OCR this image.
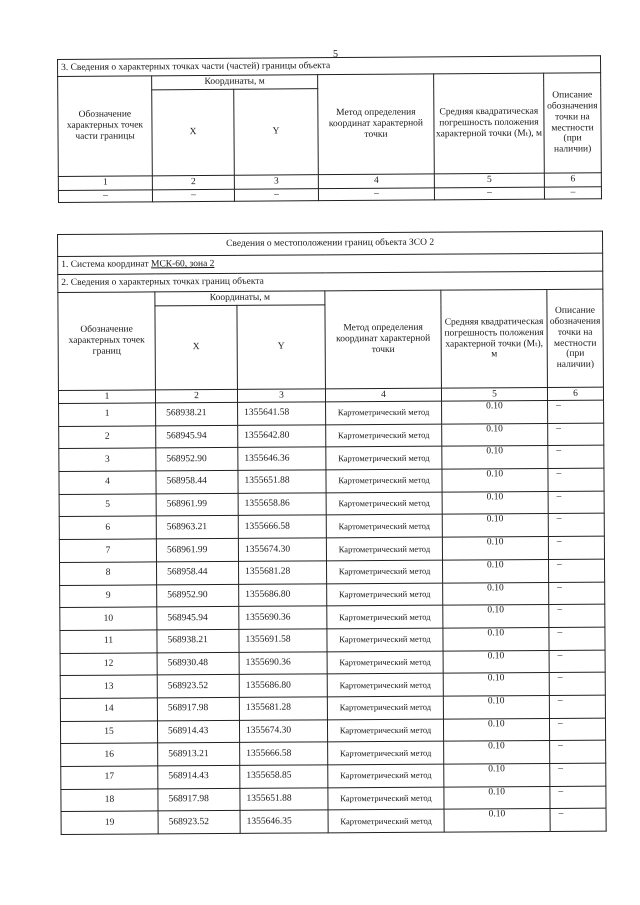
5
3. Сведения о характерных точках части (частей) границы объекта					
Обозначение характерных точек части границы	Координаты, м		Метод определения координат характерной точки	Средняя квадратическая погрешность положения характерной точки (Mₜ), м	Описание обозначения точки на местности (при наличии)
	X	Y			
1	2	3	4	5	6
–	–	–	–	–	–
Сведения о местоположении границ объекта ЗСО 2					
1. Система координат МСК-60, зона 2					
2. Сведения о характерных точках границ объекта					
Обозначение характерных точек границ	Координаты, м		Метод определения координат характерной точки	Средняя квадратическая погрешность положения характерной точки (Mₜ), м	Описание обозначения точки на местности (при наличии)
	X	Y			
1	2	3	4	5	6
1	568938.21	1355641.58	Картометрический метод	0.10	–
2	568945.94	1355642.80	Картометрический метод	0.10	–
3	568952.90	1355646.36	Картометрический метод	0.10	–
4	568958.44	1355651.88	Картометрический метод	0.10	–
5	568961.99	1355658.86	Картометрический метод	0.10	–
6	568963.21	1355666.58	Картометрический метод	0.10	–
7	568961.99	1355674.30	Картометрический метод	0.10	–
8	568958.44	1355681.28	Картометрический метод	0.10	–
9	568952.90	1355686.80	Картометрический метод	0.10	–
10	568945.94	1355690.36	Картометрический метод	0.10	–
11	568938.21	1355691.58	Картометрический метод	0.10	–
12	568930.48	1355690.36	Картометрический метод	0.10	–
13	568923.52	1355686.80	Картометрический метод	0.10	–
14	568917.98	1355681.28	Картометрический метод	0.10	–
15	568914.43	1355674.30	Картометрический метод	0.10	–
16	568913.21	1355666.58	Картометрический метод	0.10	–
17	568914.43	1355658.85	Картометрический метод	0.10	–
18	568917.98	1355651.88	Картометрический метод	0.10	–
19	568923.52	1355646.35	Картометрический метод	0.10	–
